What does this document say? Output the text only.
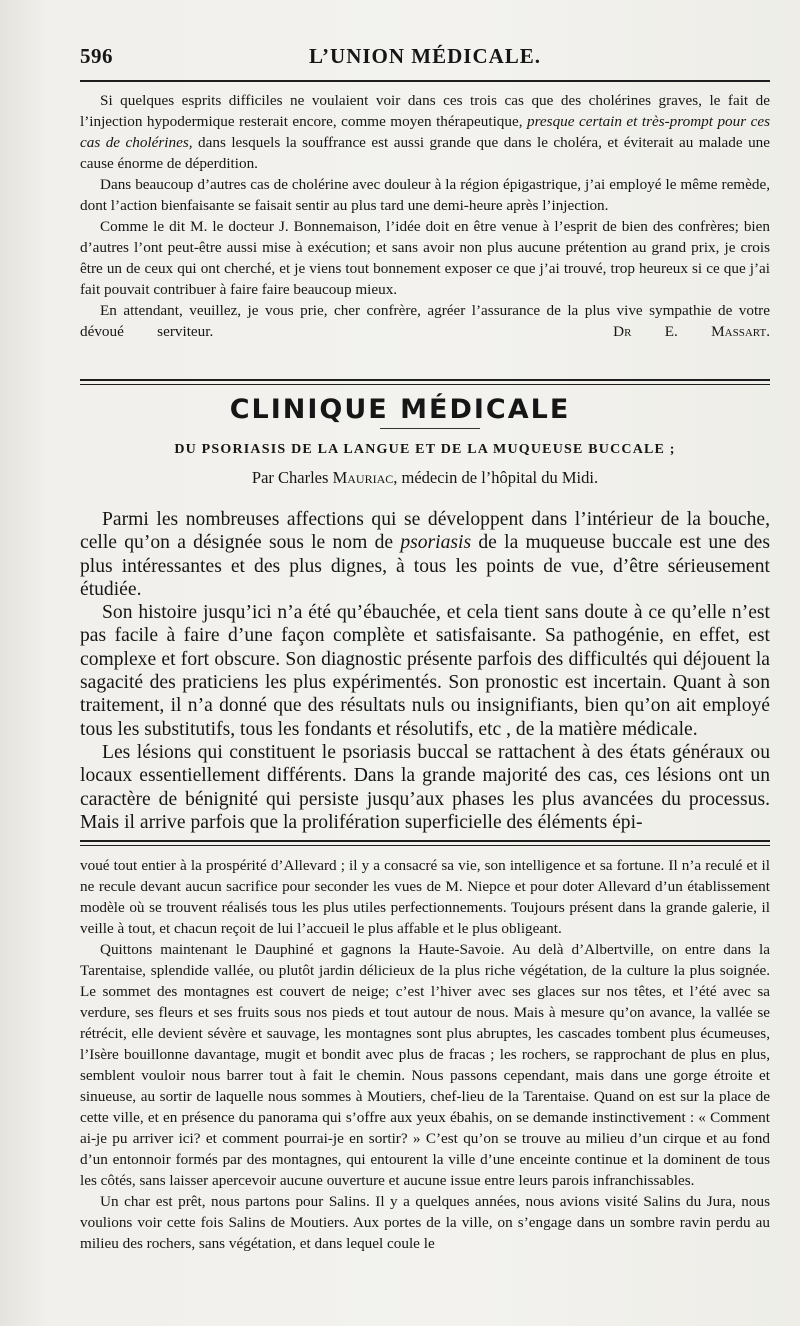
596	L’UNION MÉDICALE.

Si quelques esprits difficiles ne voulaient voir dans ces trois cas que des cholérines graves, le fait de l’injection hypodermique resterait encore, comme moyen thérapeutique, presque certain et très-prompt pour ces cas de cholérines, dans lesquels la souffrance est aussi grande que dans le choléra, et éviterait au malade une cause énorme de déperdition.

Dans beaucoup d’autres cas de cholérine avec douleur à la région épigastrique, j’ai employé le même remède, dont l’action bienfaisante se faisait sentir au plus tard une demi-heure après l’injection.

Comme le dit M. le docteur J. Bonnemaison, l’idée doit en être venue à l’esprit de bien des confrères; bien d’autres l’ont peut-être aussi mise à exécution; et sans avoir non plus aucune prétention au grand prix, je crois être un de ceux qui ont cherché, et je viens tout bonnement exposer ce que j’ai trouvé, trop heureux si ce que j’ai fait pouvait contribuer à faire faire beaucoup mieux.

En attendant, veuillez, je vous prie, cher confrère, agréer l’assurance de la plus vive sympathie de votre dévoué serviteur.	Dr E. Massart.

CLINIQUE MÉDICALE
DU PSORIASIS DE LA LANGUE ET DE LA MUQUEUSE BUCCALE ;
Par Charles Mauriac, médecin de l’hôpital du Midi.

Parmi les nombreuses affections qui se développent dans l’intérieur de la bouche, celle qu’on a désignée sous le nom de psoriasis de la muqueuse buccale est une des plus intéressantes et des plus dignes, à tous les points de vue, d’être sérieusement étudiée.

Son histoire jusqu’ici n’a été qu’ébauchée, et cela tient sans doute à ce qu’elle n’est pas facile à faire d’une façon complète et satisfaisante. Sa pathogénie, en effet, est complexe et fort obscure. Son diagnostic présente parfois des difficultés qui déjouent la sagacité des praticiens les plus expérimentés. Son pronostic est incertain. Quant à son traitement, il n’a donné que des résultats nuls ou insignifiants, bien qu’on ait employé tous les substitutifs, tous les fondants et résolutifs, etc , de la matière médicale.

Les lésions qui constituent le psoriasis buccal se rattachent à des états généraux ou locaux essentiellement différents. Dans la grande majorité des cas, ces lésions ont un caractère de bénignité qui persiste jusqu’aux phases les plus avancées du processus. Mais il arrive parfois que la prolifération superficielle des éléments épi-

voué tout entier à la prospérité d’Allevard ; il y a consacré sa vie, son intelligence et sa fortune. Il n’a reculé et il ne recule devant aucun sacrifice pour seconder les vues de M. Niepce et pour doter Allevard d’un établissement modèle où se trouvent réalisés tous les plus utiles perfectionnements. Toujours présent dans la grande galerie, il veille à tout, et chacun reçoit de lui l’accueil le plus affable et le plus obligeant.

Quittons maintenant le Dauphiné et gagnons la Haute-Savoie. Au delà d’Albertville, on entre dans la Tarentaise, splendide vallée, ou plutôt jardin délicieux de la plus riche végétation, de la culture la plus soignée. Le sommet des montagnes est couvert de neige; c’est l’hiver avec ses glaces sur nos têtes, et l’été avec sa verdure, ses fleurs et ses fruits sous nos pieds et tout autour de nous. Mais à mesure qu’on avance, la vallée se rétrécit, elle devient sévère et sauvage, les montagnes sont plus abruptes, les cascades tombent plus écumeuses, l’Isère bouillonne davantage, mugit et bondit avec plus de fracas ; les rochers, se rapprochant de plus en plus, semblent vouloir nous barrer tout à fait le chemin. Nous passons cependant, mais dans une gorge étroite et sinueuse, au sortir de laquelle nous sommes à Moutiers, chef-lieu de la Tarentaise. Quand on est sur la place de cette ville, et en présence du panorama qui s’offre aux yeux ébahis, on se demande instinctivement : « Comment ai-je pu arriver ici? et comment pourrai-je en sortir? » C’est qu’on se trouve au milieu d’un cirque et au fond d’un entonnoir formés par des montagnes, qui entourent la ville d’une enceinte continue et la dominent de tous les côtés, sans laisser apercevoir aucune ouverture et aucune issue entre leurs parois infranchissables.

Un char est prêt, nous partons pour Salins. Il y a quelques années, nous avions visité Salins du Jura, nous voulions voir cette fois Salins de Moutiers. Aux portes de la ville, on s’engage dans un sombre ravin perdu au milieu des rochers, sans végétation, et dans lequel coule le
